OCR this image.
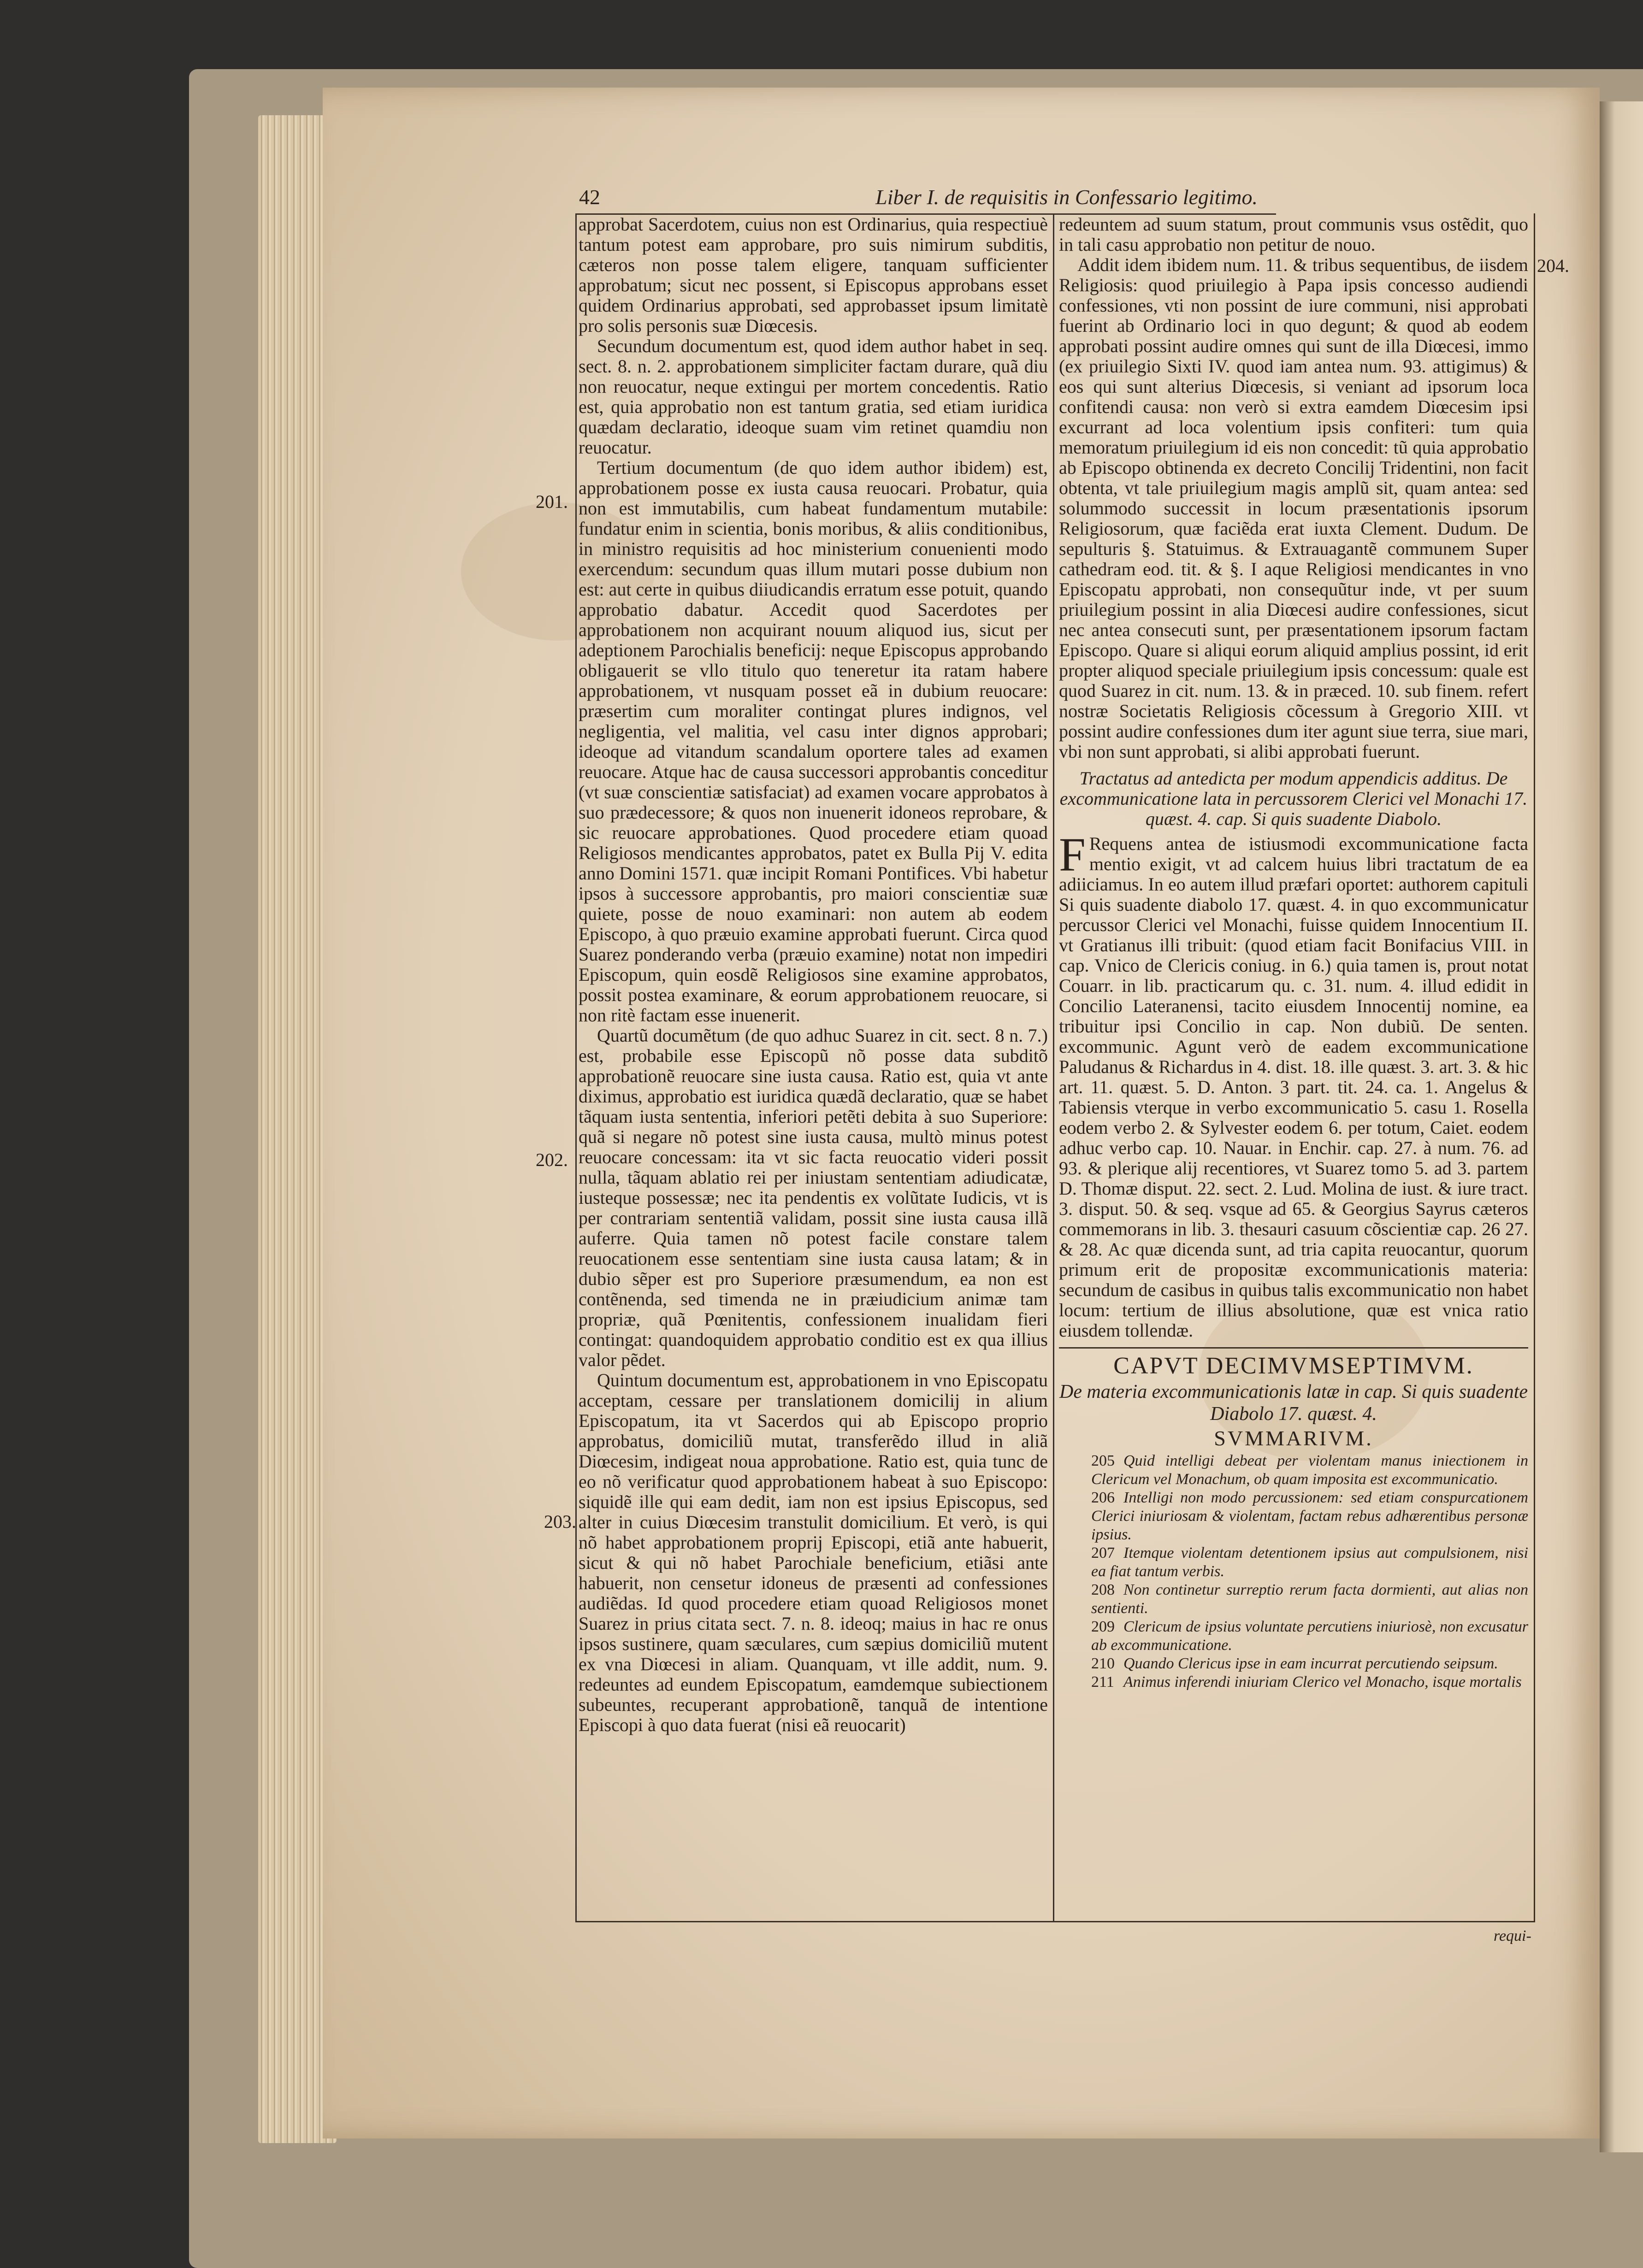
42	Liber I. de requisitis in Confessario legitimo.
201.
202.
203.
204.

approbat Sacerdotem, cuius non est Ordinarius, quia respectiuè tantum potest eam approbare, pro suis nimirum subditis, cæteros non posse talem eligere, tanquam sufficienter approbatum; sicut nec possent, si Episcopus approbans esset quidem Ordinarius approbati, sed approbasset ipsum limitatè pro solis personis suæ Diœcesis.

Secundum documentum est, quod idem author habet in seq. sect. 8. n. 2. approbationem simpliciter factam durare, quã diu non reuocatur, neque extingui per mortem concedentis. Ratio est, quia approbatio non est tantum gratia, sed etiam iuridica quædam declaratio, ideoque suam vim retinet quamdiu non reuocatur.

Tertium documentum (de quo idem author ibidem) est, approbationem posse ex iusta causa reuocari. Probatur, quia non est immutabilis, cum habeat fundamentum mutabile: fundatur enim in scientia, bonis moribus, & aliis conditionibus, in ministro requisitis ad hoc ministerium conuenienti modo exercendum: secundum quas illum mutari posse dubium non est: aut certe in quibus diiudicandis erratum esse potuit, quando approbatio dabatur. Accedit quod Sacerdotes per approbationem non acquirant nouum aliquod ius, sicut per adeptionem Parochialis beneficij: neque Episcopus approbando obligauerit se vllo titulo quo teneretur ita ratam habere approbationem, vt nusquam posset eã in dubium reuocare: præsertim cum moraliter contingat plures indignos, vel negligentia, vel malitia, vel casu inter dignos approbari; ideoque ad vitandum scandalum oportere tales ad examen reuocare. Atque hac de causa successori approbantis conceditur (vt suæ conscientiæ satisfaciat) ad examen vocare approbatos à suo prædecessore; & quos non inuenerit idoneos reprobare, & sic reuocare approbationes. Quod procedere etiam quoad Religiosos mendicantes approbatos, patet ex Bulla Pij V. edita anno Domini 1571. quæ incipit Romani Pontifices. Vbi habetur ipsos à successore approbantis, pro maiori conscientiæ suæ quiete, posse de nouo examinari: non autem ab eodem Episcopo, à quo præuio examine approbati fuerunt. Circa quod Suarez ponderando verba (præuio examine) notat non impediri Episcopum, quin eosdẽ Religiosos sine examine approbatos, possit postea examinare, & eorum approbationem reuocare, si non ritè factam esse inuenerit.

Quartũ documẽtum (de quo adhuc Suarez in cit. sect. 8 n. 7.) est, probabile esse Episcopũ nõ posse data subditõ approbationẽ reuocare sine iusta causa. Ratio est, quia vt ante diximus, approbatio est iuridica quædã declaratio, quæ se habet tãquam iusta sententia, inferiori petẽti debita à suo Superiore: quã si negare nõ potest sine iusta causa, multò minus potest reuocare concessam: ita vt sic facta reuocatio videri possit nulla, tãquam ablatio rei per iniustam sententiam adiudicatæ, iusteque possessæ; nec ita pendentis ex volũtate Iudicis, vt is per contrariam sententiã validam, possit sine iusta causa illã auferre. Quia tamen nõ potest facile constare talem reuocationem esse sententiam sine iusta causa latam; & in dubio sẽper est pro Superiore præsumendum, ea non est contẽnenda, sed timenda ne in præiudicium animæ tam propriæ, quã Pœnitentis, confessionem inualidam fieri contingat: quandoquidem approbatio conditio est ex qua illius valor pẽdet.

Quintum documentum est, approbationem in vno Episcopatu acceptam, cessare per translationem domicilij in alium Episcopatum, ita vt Sacerdos qui ab Episcopo proprio approbatus, domiciliũ mutat, transferẽdo illud in aliã Diœcesim, indigeat noua approbatione. Ratio est, quia tunc de eo nõ verificatur quod approbationem habeat à suo Episcopo: siquidẽ ille qui eam dedit, iam non est ipsius Episcopus, sed alter in cuius Diœcesim transtulit domicilium. Et verò, is qui nõ habet approbationem proprij Episcopi, etiã ante habuerit, sicut & qui nõ habet Parochiale beneficium, etiãsi ante habuerit, non censetur idoneus de præsenti ad confessiones audiẽdas. Id quod procedere etiam quoad Religiosos monet Suarez in prius citata sect. 7. n. 8. ideoq; maius in hac re onus ipsos sustinere, quam sæculares, cum sæpius domiciliũ mutent ex vna Diœcesi in aliam. Quanquam, vt ille addit, num. 9. redeuntes ad eundem Episcopatum, eamdemque subiectionem subeuntes, recuperant approbationẽ, tanquã de intentione Episcopi à quo data fuerat (nisi eã reuocarit)

redeuntem ad suum statum, prout communis vsus ostẽdit, quo in tali casu approbatio non petitur de nouo.

Addit idem ibidem num. 11. & tribus sequentibus, de iisdem Religiosis: quod priuilegio à Papa ipsis concesso audiendi confessiones, vti non possint de iure communi, nisi approbati fuerint ab Ordinario loci in quo degunt; & quod ab eodem approbati possint audire omnes qui sunt de illa Diœcesi, immo (ex priuilegio Sixti IV. quod iam antea num. 93. attigimus) & eos qui sunt alterius Diœcesis, si veniant ad ipsorum loca confitendi causa: non verò si extra eamdem Diœcesim ipsi excurrant ad loca volentium ipsis confiteri: tum quia memoratum priuilegium id eis non concedit: tũ quia approbatio ab Episcopo obtinenda ex decreto Concilij Tridentini, non facit obtenta, vt tale priuilegium magis amplũ sit, quam antea: sed solummodo successit in locum præsentationis ipsorum Religiosorum, quæ faciẽda erat iuxta Clement. Dudum. De sepulturis §. Statuimus. & Extrauagantẽ communem Super cathedram eod. tit. & §. I aque Religiosi mendicantes in vno Episcopatu approbati, non consequũtur inde, vt per suum priuilegium possint in alia Diœcesi audire confessiones, sicut nec antea consecuti sunt, per præsentationem ipsorum factam Episcopo. Quare si aliqui eorum aliquid amplius possint, id erit propter aliquod speciale priuilegium ipsis concessum: quale est quod Suarez in cit. num. 13. & in præced. 10. sub finem. refert nostræ Societatis Religiosis cõcessum à Gregorio XIII. vt possint audire confessiones dum iter agunt siue terra, siue mari, vbi non sunt approbati, si alibi approbati fuerunt.

Tractatus ad antedicta per modum appendicis additus. De excommunicatione lata in percussorem Clerici vel Monachi 17. quæst. 4. cap. Si quis suadente Diabolo.

F Requens antea de istiusmodi excommunicatione facta mentio exigit, vt ad calcem huius libri tractatum de ea adiiciamus. In eo autem illud præfari oportet: authorem capituli Si quis suadente diabolo 17. quæst. 4. in quo excommunicatur percussor Clerici vel Monachi, fuisse quidem Innocentium II. vt Gratianus illi tribuit: (quod etiam facit Bonifacius VIII. in cap. Vnico de Clericis coniug. in 6.) quia tamen is, prout notat Couarr. in lib. practicarum qu. c. 31. num. 4. illud edidit in Concilio Lateranensi, tacito eiusdem Innocentij nomine, ea tribuitur ipsi Concilio in cap. Non dubiũ. De senten. excommunic. Agunt verò de eadem excommunicatione Paludanus & Richardus in 4. dist. 18. ille quæst. 3. art. 3. & hic art. 11. quæst. 5. D. Anton. 3 part. tit. 24. ca. 1. Angelus & Tabiensis vterque in verbo excommunicatio 5. casu 1. Rosella eodem verbo 2. & Sylvester eodem 6. per totum, Caiet. eodem adhuc verbo cap. 10. Nauar. in Enchir. cap. 27. à num. 76. ad 93. & plerique alij recentiores, vt Suarez tomo 5. ad 3. partem D. Thomæ disput. 22. sect. 2. Lud. Molina de iust. & iure tract. 3. disput. 50. & seq. vsque ad 65. & Georgius Sayrus cæteros commemorans in lib. 3. thesauri casuum cõscientiæ cap. 26 27. & 28. Ac quæ dicenda sunt, ad tria capita reuocantur, quorum primum erit de propositæ excommunicationis materia: secundum de casibus in quibus talis excommunicatio non habet locum: tertium de illius absolutione, quæ est vnica ratio eiusdem tollendæ.

CAPVT DECIMVMSEPTIMVM.

De materia excommunicationis latæ in cap. Si quis suadente Diabolo 17. quæst. 4.

SVMMARIVM.

205 Quid intelligi debeat per violentam manus iniectionem in Clericum vel Monachum, ob quam imposita est excommunicatio.

206 Intelligi non modo percussionem: sed etiam conspurcationem Clerici iniuriosam & violentam, factam rebus adhærentibus personæ ipsius.

207 Itemque violentam detentionem ipsius aut compulsionem, nisi ea fiat tantum verbis.

208 Non continetur surreptio rerum facta dormienti, aut alias non sentienti.

209 Clericum de ipsius voluntate percutiens iniuriosè, non excusatur ab excommunicatione.

210 Quando Clericus ipse in eam incurrat percutiendo seipsum.

211 Animus inferendi iniuriam Clerico vel Monacho, isque mortalis

requi-
